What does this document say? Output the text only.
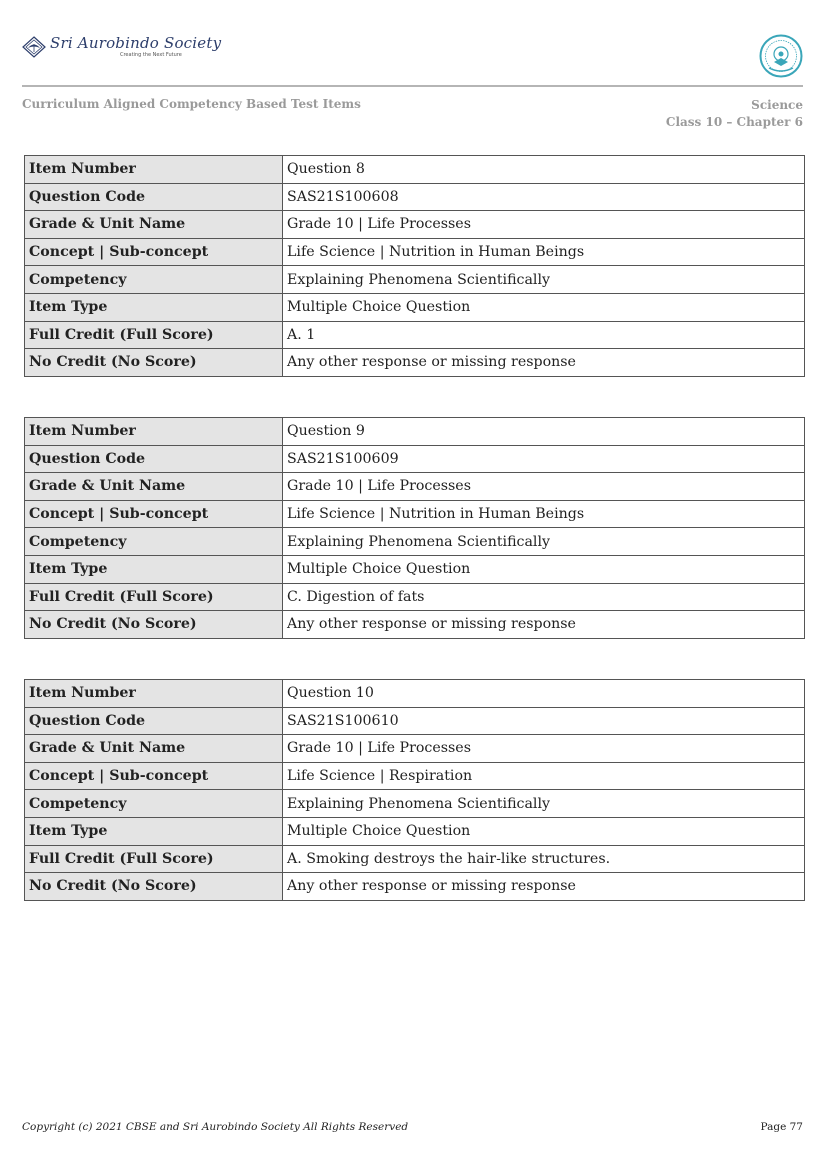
Sri Aurobindo Society
Creating the Next Future
Curriculum Aligned Competency Based Test Items	Science
Class 10 – Chapter 6
Item Number	Question 8
Question Code	SAS21S100608
Grade & Unit Name	Grade 10 | Life Processes
Concept | Sub-concept	Life Science | Nutrition in Human Beings
Competency	Explaining Phenomena Scientifically
Item Type	Multiple Choice Question
Full Credit (Full Score)	A. 1
No Credit (No Score)	Any other response or missing response
Item Number	Question 9
Question Code	SAS21S100609
Grade & Unit Name	Grade 10 | Life Processes
Concept | Sub-concept	Life Science | Nutrition in Human Beings
Competency	Explaining Phenomena Scientifically
Item Type	Multiple Choice Question
Full Credit (Full Score)	C. Digestion of fats
No Credit (No Score)	Any other response or missing response
Item Number	Question 10
Question Code	SAS21S100610
Grade & Unit Name	Grade 10 | Life Processes
Concept | Sub-concept	Life Science | Respiration
Competency	Explaining Phenomena Scientifically
Item Type	Multiple Choice Question
Full Credit (Full Score)	A. Smoking destroys the hair-like structures.
No Credit (No Score)	Any other response or missing response
Copyright (c) 2021 CBSE and Sri Aurobindo Society All Rights Reserved	Page 77
